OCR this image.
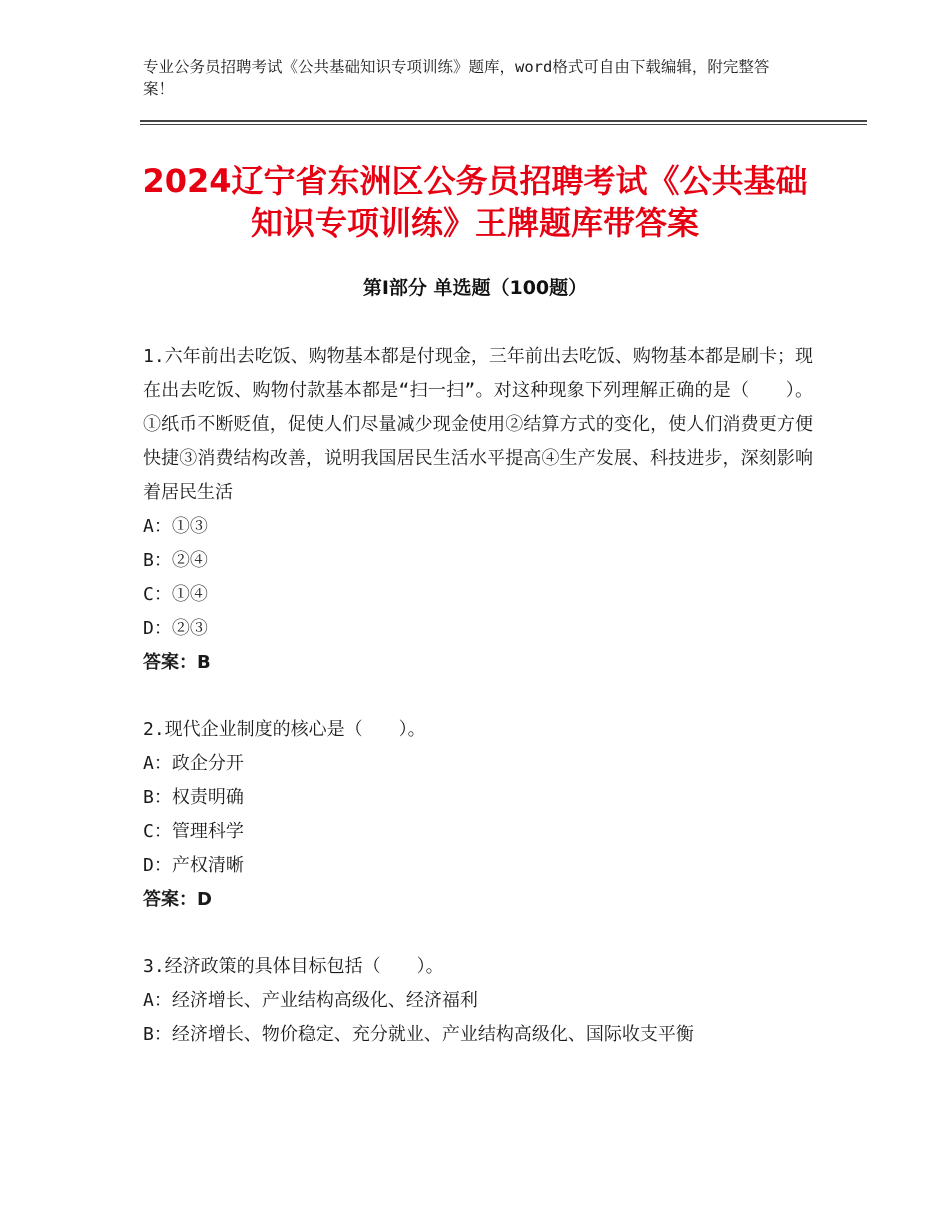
专业公务员招聘考试《公共基础知识专项训练》题库，word格式可自由下载编辑，附完整答案！
2024辽宁省东洲区公务员招聘考试《公共基础知识专项训练》王牌题库带答案
第Ⅰ部分 单选题（100题）

1.六年前出去吃饭、购物基本都是付现金，三年前出去吃饭、购物基本都是刷卡；现在出去吃饭、购物付款基本都是“扫一扫”。对这种现象下列理解正确的是（　　）。①纸币不断贬值，促使人们尽量减少现金使用②结算方式的变化，使人们消费更方便快捷③消费结构改善，说明我国居民生活水平提高④生产发展、科技进步，深刻影响着居民生活

A：①③

B：②④

C：①④

D：②③

答案：B

2.现代企业制度的核心是（　　）。

A：政企分开

B：权责明确

C：管理科学

D：产权清晰

答案：D

3.经济政策的具体目标包括（　　）。

A：经济增长、产业结构高级化、经济福利

B：经济增长、物价稳定、充分就业、产业结构高级化、国际收支平衡
